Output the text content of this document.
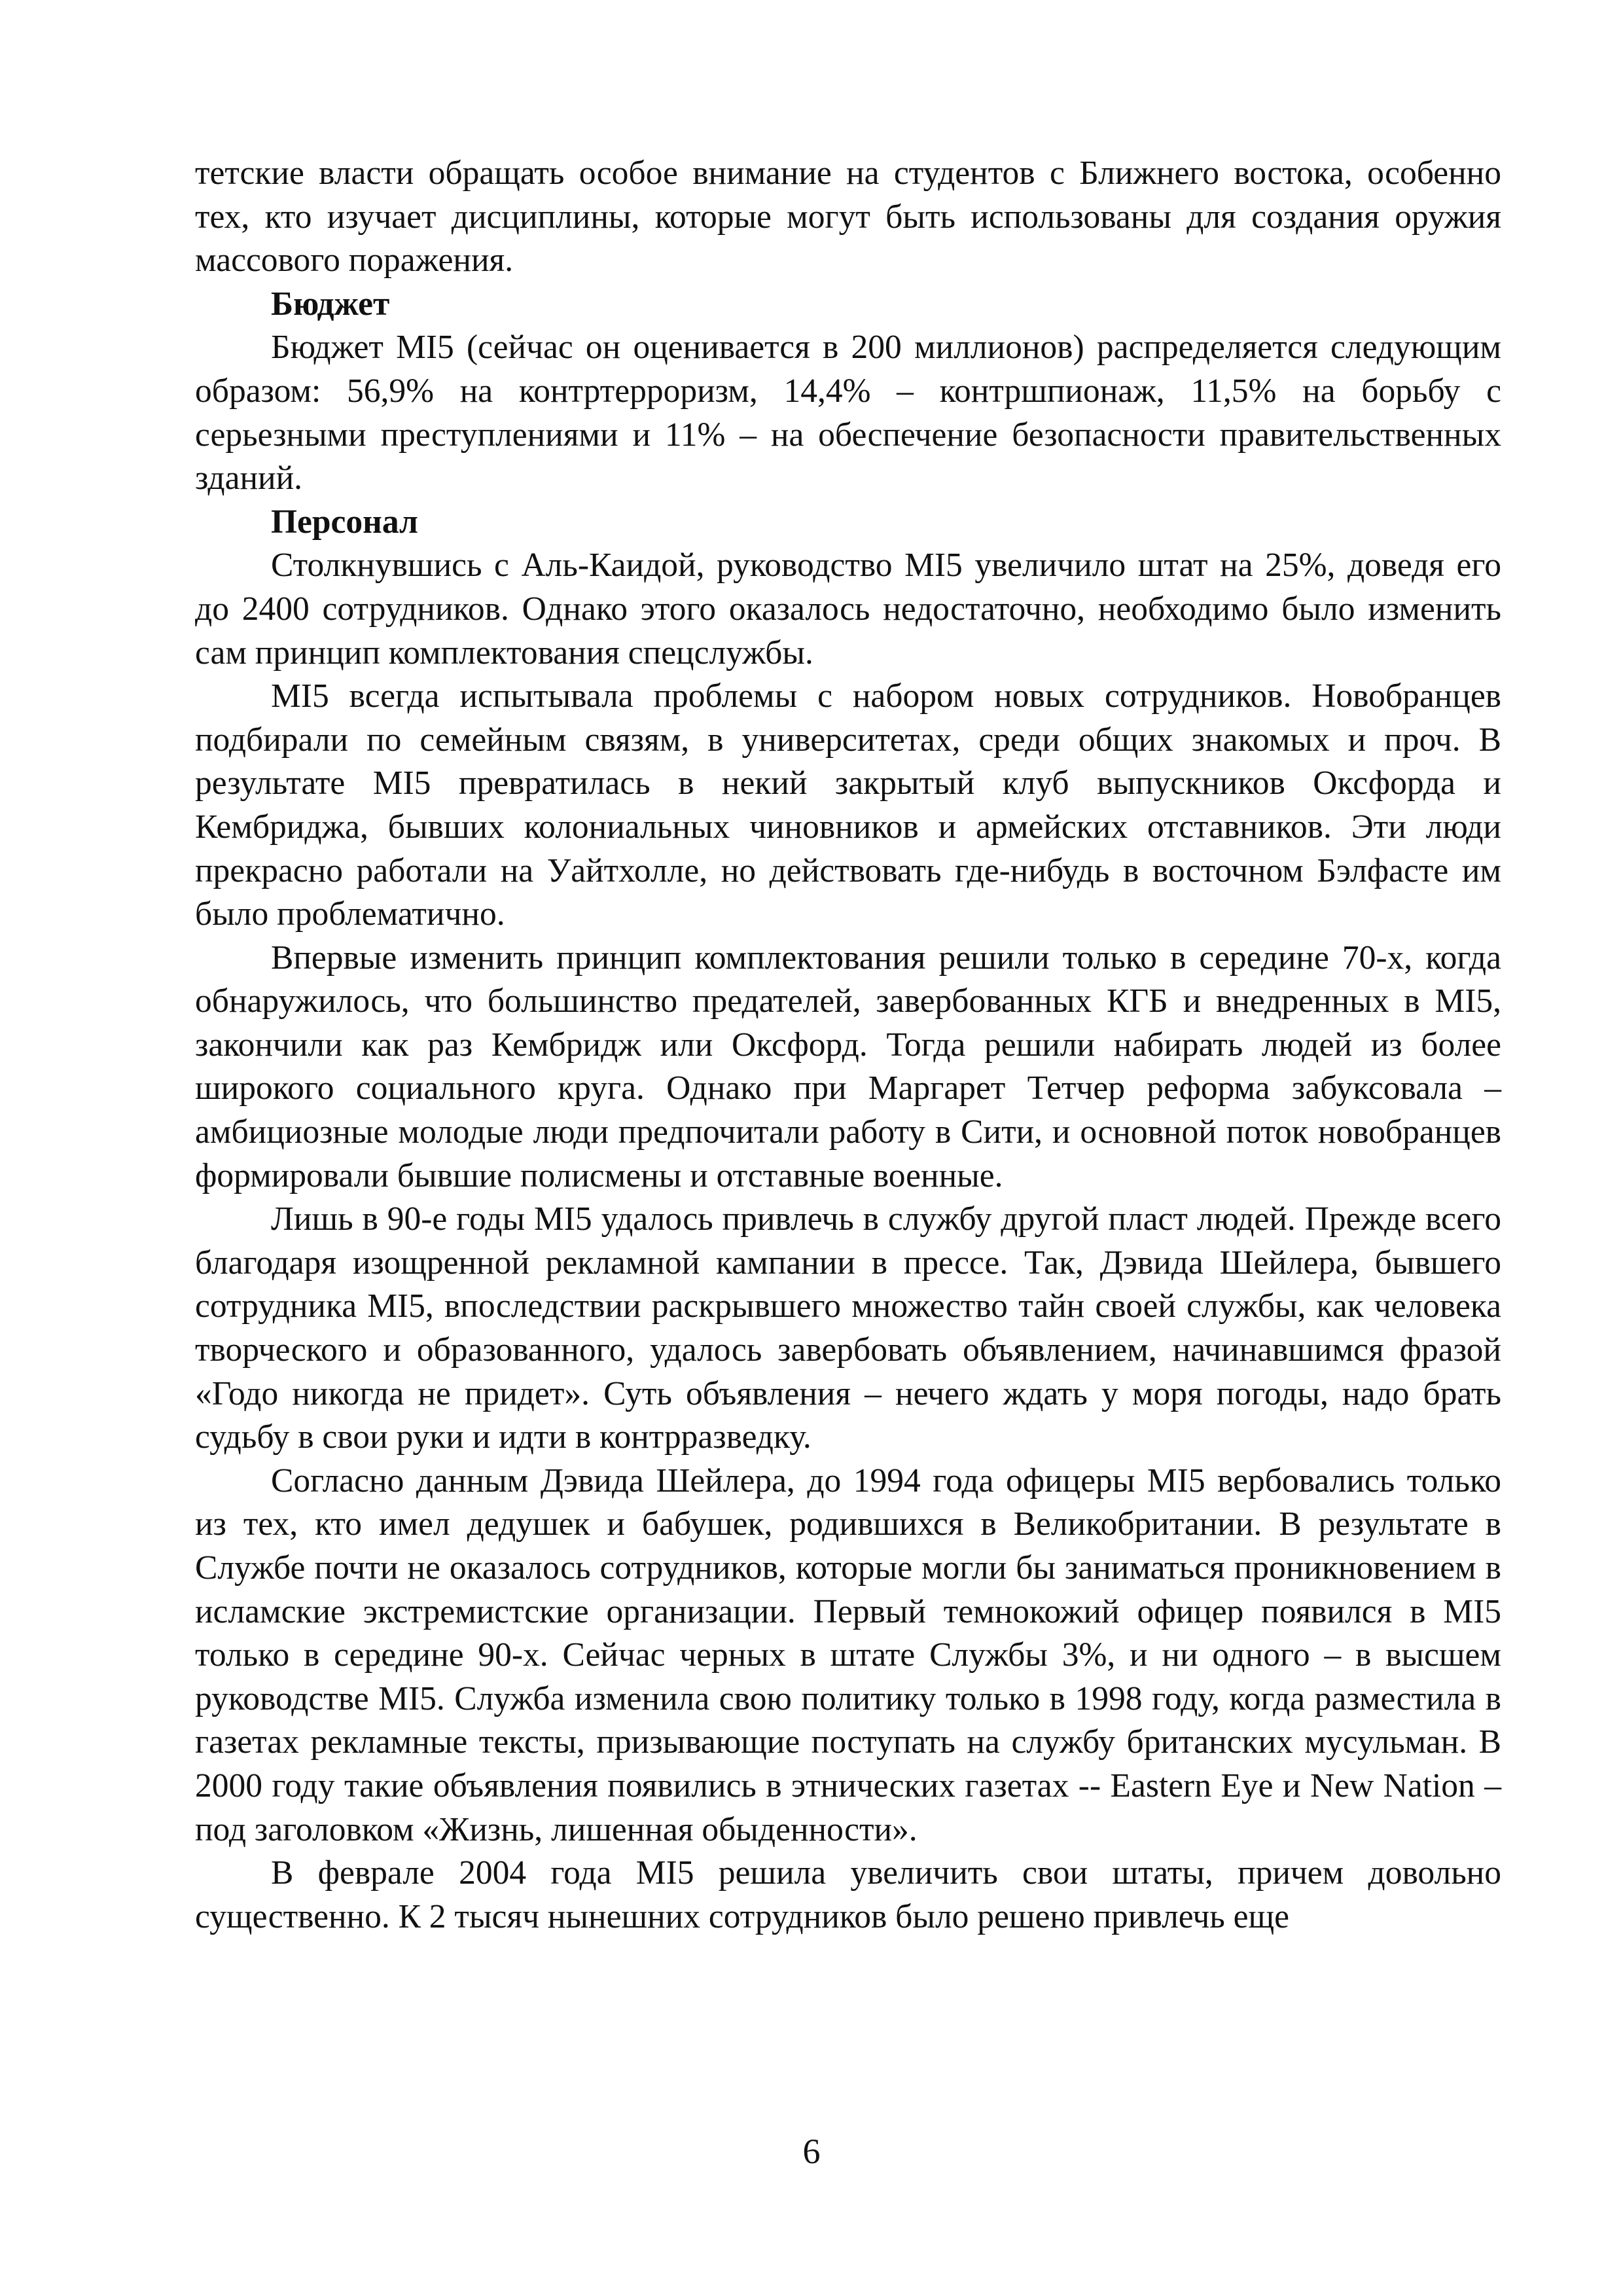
тетские власти обращать особое внимание на студентов с Ближнего востока, особенно тех, кто изучает дисциплины, которые могут быть использованы для создания оружия массового поражения.

Бюджет

Бюджет MI5 (сейчас он оценивается в 200 миллионов) распределяется следующим образом: 56,9% на контртерроризм, 14,4% – контршпионаж, 11,5% на борьбу с серьезными преступлениями и 11% – на обеспечение безопасности правительственных зданий.

Персонал

Столкнувшись с Аль-Каидой, руководство MI5 увеличило штат на 25%, доведя его до 2400 сотрудников. Однако этого оказалось недостаточно, необходимо было изменить сам принцип комплектования спецслужбы.

MI5 всегда испытывала проблемы с набором новых сотрудников. Новобранцев подбирали по семейным связям, в университетах, среди общих знакомых и проч. В результате MI5 превратилась в некий закрытый клуб выпускников Оксфорда и Кембриджа, бывших колониальных чиновников и армейских отставников. Эти люди прекрасно работали на Уайтхолле, но действовать где-нибудь в восточном Бэлфасте им было проблематично.

Впервые изменить принцип комплектования решили только в середине 70-х, когда обнаружилось, что большинство предателей, завербованных КГБ и внедренных в MI5, закончили как раз Кембридж или Оксфорд. Тогда решили набирать людей из более широкого социального круга. Однако при Маргарет Тетчер реформа забуксовала – амбициозные молодые люди предпочитали работу в Сити, и основной поток новобранцев формировали бывшие полисмены и отставные военные.

Лишь в 90-е годы MI5 удалось привлечь в службу другой пласт людей. Прежде всего благодаря изощренной рекламной кампании в прессе. Так, Дэвида Шейлера, бывшего сотрудника MI5, впоследствии раскрывшего множество тайн своей службы, как человека творческого и образованного, удалось завербовать объявлением, начинавшимся фразой «Годо никогда не придет». Суть объявления – нечего ждать у моря погоды, надо брать судьбу в свои руки и идти в контрразведку.

Согласно данным Дэвида Шейлера, до 1994 года офицеры MI5 вербовались только из тех, кто имел дедушек и бабушек, родившихся в Великобритании. В результате в Службе почти не оказалось сотрудников, которые могли бы заниматься проникновением в исламские экстремистские организации. Первый темнокожий офицер появился в MI5 только в середине 90-х. Сейчас черных в штате Службы 3%, и ни одного – в высшем руководстве MI5. Служба изменила свою политику только в 1998 году, когда разместила в газетах рекламные тексты, призывающие поступать на службу британских мусульман. В 2000 году такие объявления появились в этнических газетах -- Eastern Eye и New Nation – под заголовком «Жизнь, лишенная обыденности».

В феврале 2004 года MI5 решила увеличить свои штаты, причем довольно существенно. К 2 тысяч нынешних сотрудников было решено привлечь еще

6
